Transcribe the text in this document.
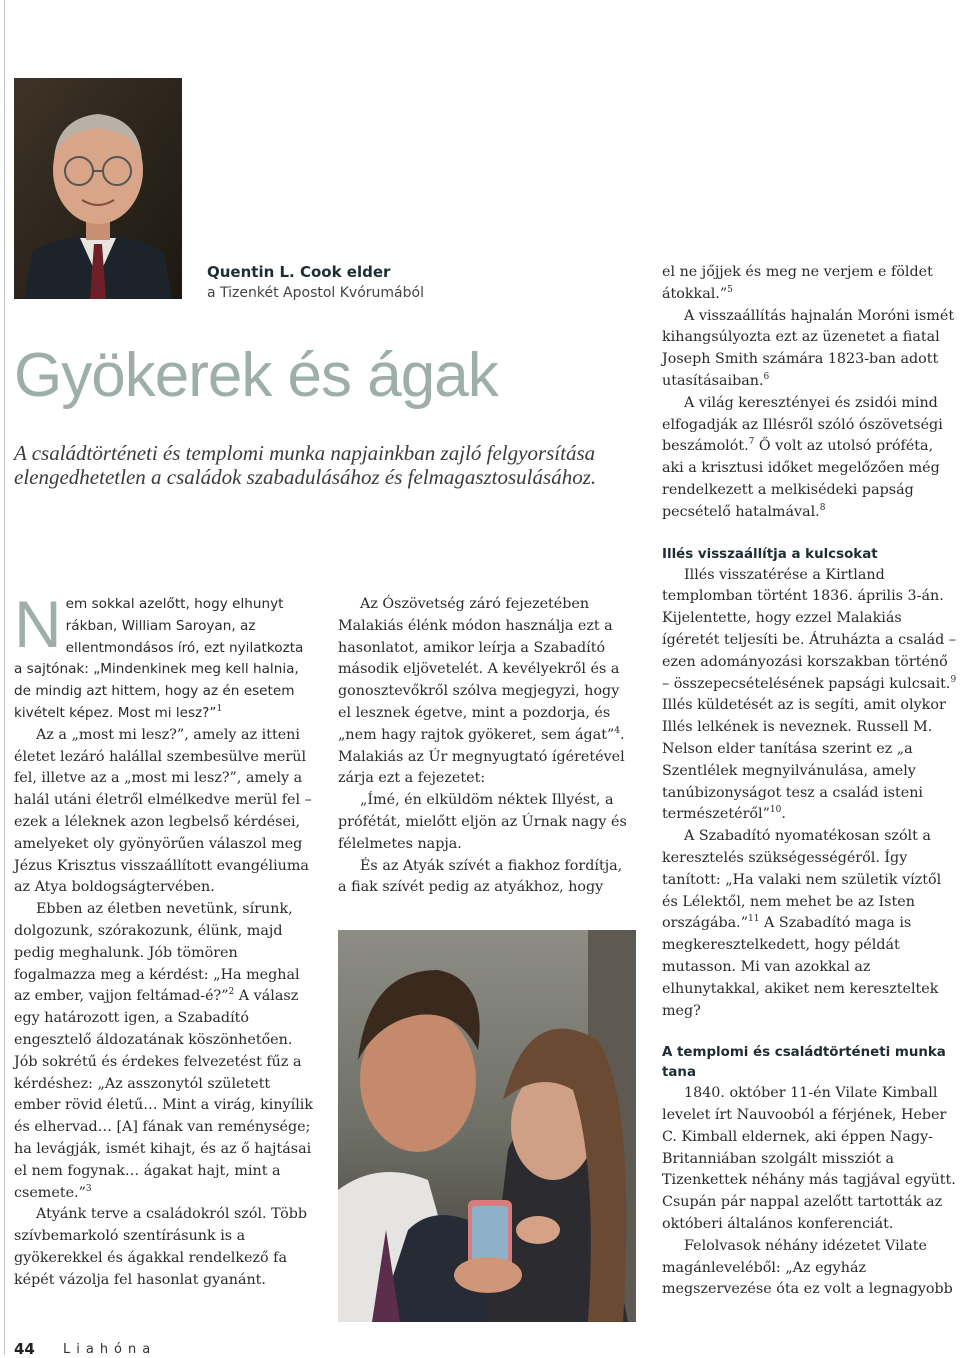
Quentin L. Cook elder
a Tizenkét Apostol Kvórumából
Gyökerek és ágak
A családtörténeti és templomi munka napjainkban zajló felgyorsítása elengedhetetlen a családok szabadulásához és felmagasztosulásához.

Nem sokkal azelőtt, hogy elhunyt rákban, William Saroyan, az ellentmondásos író, ezt nyilatkozta a sajtónak: „Mindenkinek meg kell halnia, de mindig azt hittem, hogy az én esetem kivételt képez. Most mi lesz?”$^1$

Az a „most mi lesz?”, amely az itteni életet lezáró halállal szembesülve merül fel, illetve az a „most mi lesz?”, amely a halál utáni életről elmélkedve merül fel – ezek a léleknek azon legbelső kérdései, amelyeket oly gyönyörűen válaszol meg Jézus Krisztus visszaállított evangéliuma az Atya boldogságtervében.

Ebben az életben nevetünk, sírunk, dolgozunk, szórakozunk, élünk, majd pedig meghalunk. Jób tömören fogalmazza meg a kérdést: „Ha meghal az ember, vajjon feltámad-é?”$^2$ A válasz egy határozott igen, a Szabadító engesztelő áldozatának köszönhetően. Jób sokrétű és érdekes felvezetést fűz a kérdéshez: „Az asszonytól született ember rövid életű… Mint a virág, kinyílik és elhervad… [A] fának van reménysége; ha levágják, ismét kihajt, és az ő hajtásai el nem fogynak… ágakat hajt, mint a csemete.”$^3$

Atyánk terve a családokról szól. Több szívbemarkoló szentírásunk is a gyökerekkel és ágakkal rendelkező fa képét vázolja fel hasonlat gyanánt.

Az Ószövetség záró fejezetében Malakiás élénk módon használja ezt a hasonlatot, amikor leírja a Szabadító második eljövetelét. A kevélyekről és a gonosztevőkről szólva megjegyzi, hogy el lesznek égetve, mint a pozdorja, és „nem hagy rajtok gyökeret, sem ágat”$^4$. Malakiás az Úr megnyugtató ígéretével zárja ezt a fejezetet:

„Ímé, én elküldöm néktek Illyést, a prófétát, mielőtt eljön az Úrnak nagy és félelmetes napja.

És az Atyák szívét a fiakhoz fordítja, a fiak szívét pedig az atyákhoz, hogy

el ne jőjjek és meg ne verjem e földet átokkal.”$^5$

A visszaállítás hajnalán Moróni ismét kihangsúlyozta ezt az üzenetet a fiatal Joseph Smith számára 1823-ban adott utasításaiban.$^6$

A világ keresztényei és zsidói mind elfogadják az Illésről szóló ószövetségi beszámolót.$^7$ Ő volt az utolsó próféta, aki a krisztusi időket megelőzően még rendelkezett a melkisédeki papság pecsételő hatalmával.$^8$

Illés visszaállítja a kulcsokat

Illés visszatérése a Kirtland templomban történt 1836. április 3-án. Kijelentette, hogy ezzel Malakiás ígéretét teljesíti be. Átruházta a család – ezen adományozási korszakban történő – összepecsételésének papsági kulcsait.$^9$ Illés küldetését az is segíti, amit olykor Illés lelkének is neveznek. Russell M. Nelson elder tanítása szerint ez „a Szentlélek megnyilvánulása, amely tanúbizonyságot tesz a család isteni természetéről”$^{10}$.

A Szabadító nyomatékosan szólt a keresztelés szükségességéről. Így tanított: „Ha valaki nem születik víztől és Lélektől, nem mehet be az Isten országába.”$^{11}$ A Szabadító maga is megkeresztelkedett, hogy példát mutasson. Mi van azokkal az elhunytakkal, akiket nem kereszteltek meg?

A templomi és családtörténeti munka tana

1840. október 11-én Vilate Kimball levelet írt Nauvooból a férjének, Heber C. Kimball eldernek, aki éppen Nagy-Britanniában szolgált missziót a Tizenkettek néhány más tagjával együtt. Csupán pár nappal azelőtt tartották az októberi általános konferenciát.

Felolvasok néhány idézetet Vilate magánleveléből: „Az egyház megszervezése óta ez volt a legnagyobb

44 Liahóna
